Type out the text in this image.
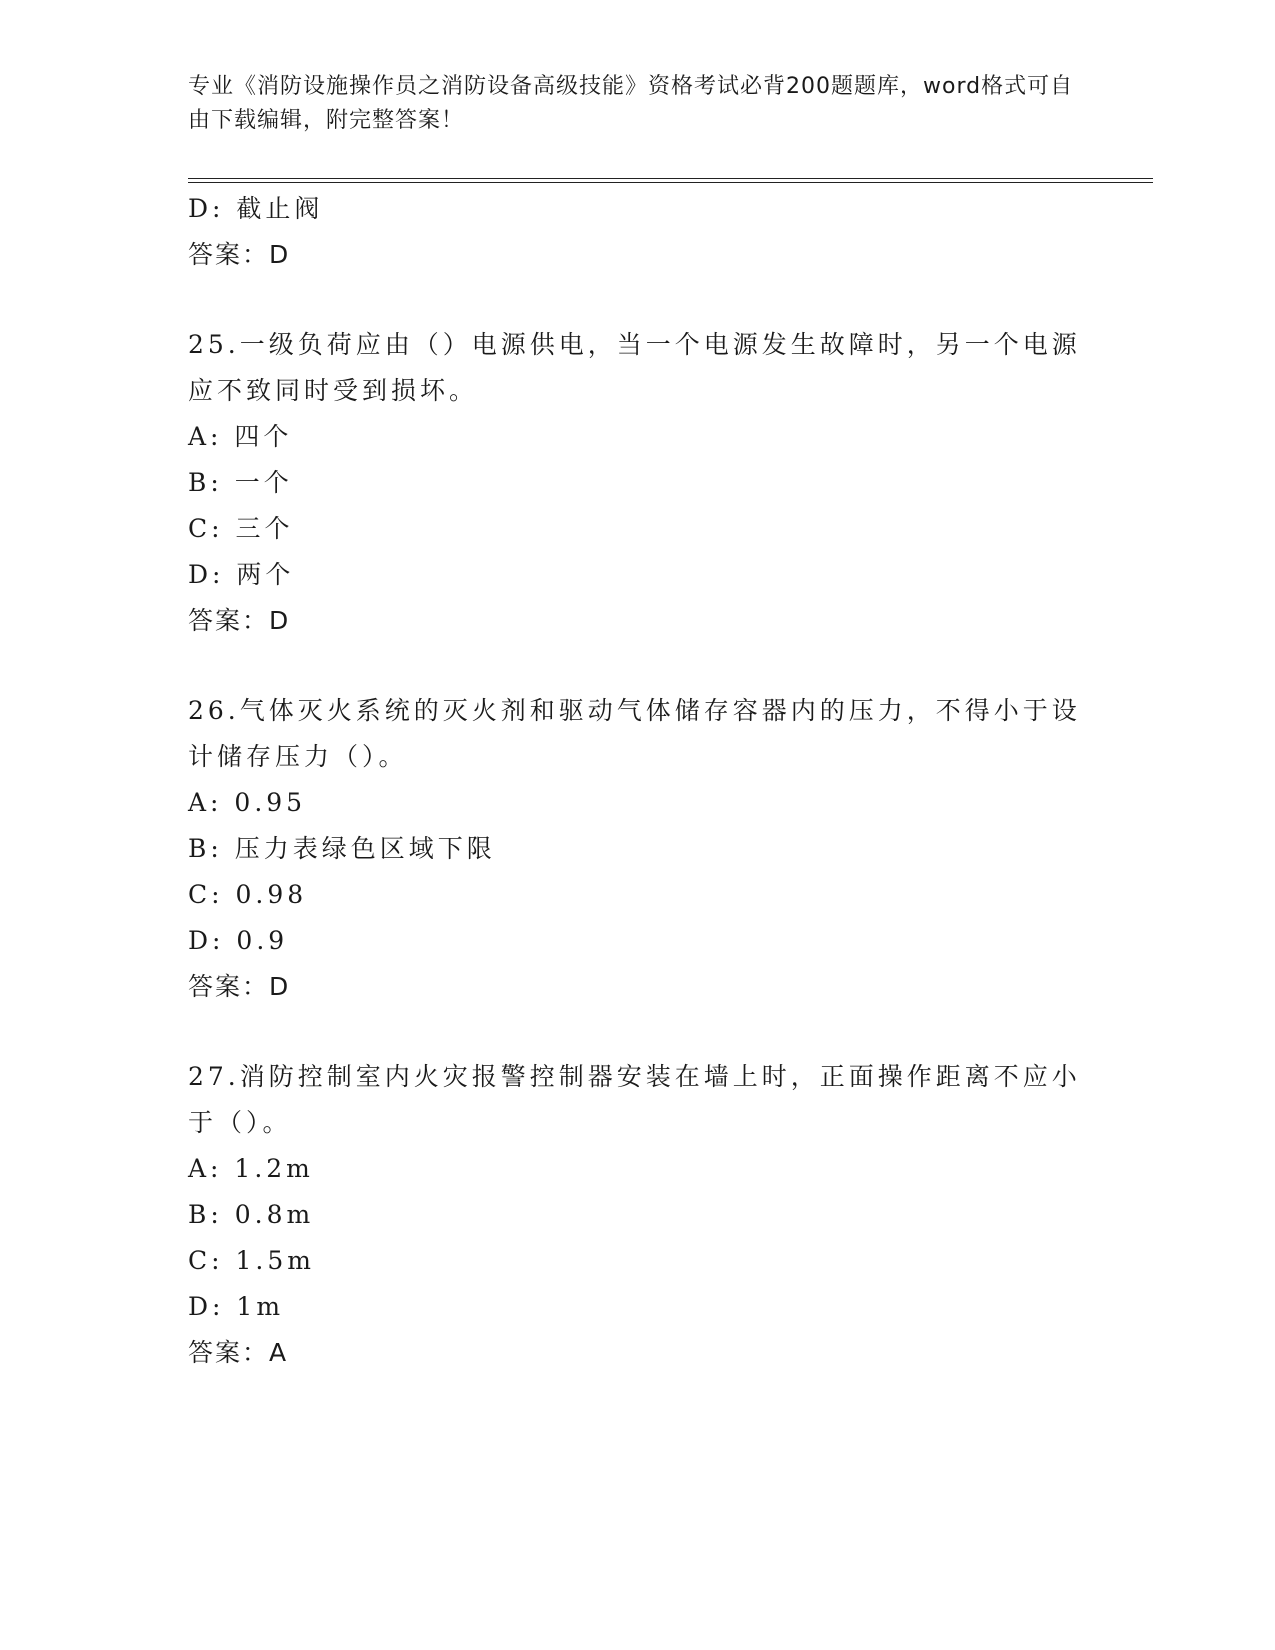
专业《消防设施操作员之消防设备高级技能》资格考试必背200题题库，word格式可自由下载编辑，附完整答案！
D: 截止阀
答案：D
25.一级负荷应由（）电源供电，当一个电源发生故障时，另一个电源
应不致同时受到损坏。
A: 四个
B: 一个
C: 三个
D: 两个
答案：D
26.气体灭火系统的灭火剂和驱动气体储存容器内的压力，不得小于设
计储存压力（）。
A: 0.95
B: 压力表绿色区域下限
C: 0.98
D: 0.9
答案：D
27.消防控制室内火灾报警控制器安装在墙上时，正面操作距离不应小
于（）。
A: 1.2m
B: 0.8m
C: 1.5m
D: 1m
答案：A
